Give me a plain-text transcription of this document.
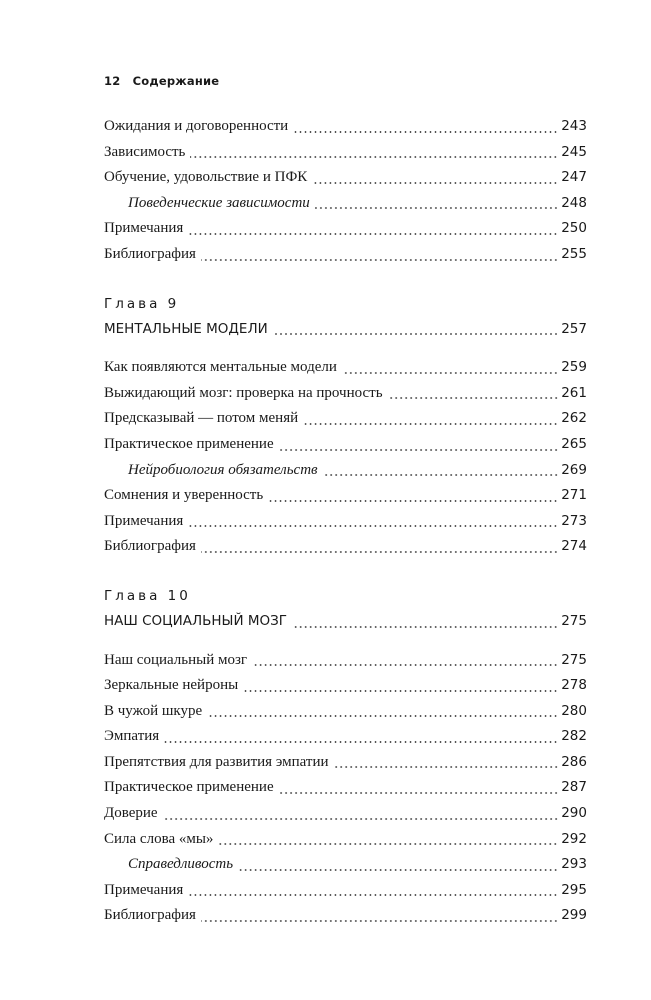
12 Содержание
Ожидания и договоренности	243
Зависимость	245
Обучение, удовольствие и ПФК	247
Поведенческие зависимости	248
Примечания	250
Библиография	255
Глава 9
МЕНТАЛЬНЫЕ МОДЕЛИ	257
Как появляются ментальные модели	259
Выжидающий мозг: проверка на прочность	261
Предсказывай — потом меняй	262
Практическое применение	265
Нейробиология обязательств	269
Сомнения и уверенность	271
Примечания	273
Библиография	274
Глава 10
НАШ СОЦИАЛЬНЫЙ МОЗГ	275
Наш социальный мозг	275
Зеркальные нейроны	278
В чужой шкуре	280
Эмпатия	282
Препятствия для развития эмпатии	286
Практическое применение	287
Доверие	290
Сила слова «мы»	292
Справедливость	293
Примечания	295
Библиография	299
